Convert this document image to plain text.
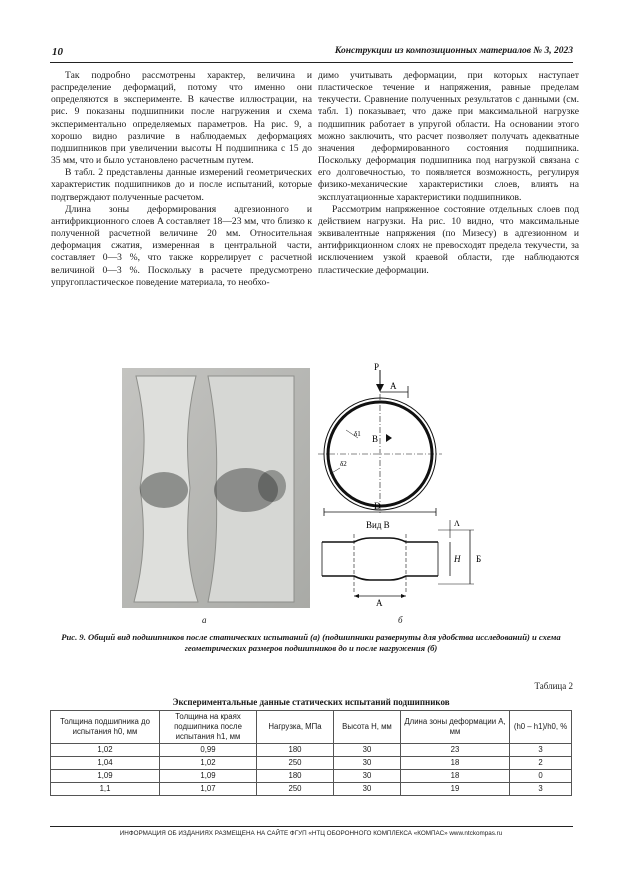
10	Конструкции из композиционных материалов № 3, 2023

Так подробно рассмотрены характер, величина и распределение деформаций, потому что именно они определяются в эксперименте. В качестве иллюстрации, на рис. 9 показаны подшипники после нагружения и схема экспериментально определяемых параметров. На рис. 9, а хорошо видно различие в наблюдаемых деформациях подшипников при увеличении высоты H подшипника с 15 до 35 мм, что и было установлено расчетным путем.

В табл. 2 представлены данные измерений геометрических характеристик подшипников до и после испытаний, которые подтверждают полученные расчетом.

Длина зоны деформирования адгезионного и антифрикционного слоев A составляет 18—23 мм, что близко к полученной расчетной величине 20 мм. Относительная деформация сжатия, измеренная в центральной части, составляет 0—3 %, что также коррелирует с расчетной величиной 0—3 %. Поскольку в расчете предусмотрено упругопластическое поведение материала, то необхо-

димо учитывать деформации, при которых наступает пластическое течение и напряжения, равные пределам текучести. Сравнение полученных результатов с данными (см. табл. 1) показывает, что даже при максимальной нагрузке подшипник работает в упругой области. На основании этого можно заключить, что расчет позволяет получать адекватные значения деформированного состояния подшипника. Поскольку деформация подшипника под нагрузкой связана с его долговечностью, то появляется возможность, регулируя физико-механические характеристики слоев, влиять на эксплуатационные характеристики подшипников.

Рассмотрим напряженное состояние отдельных слоев под действием нагрузки. На рис. 10 видно, что максимальные эквивалентные напряжения (по Мизесу) в адгезионном и антифрикционном слоях не превосходят предела текучести, за исключением узкой краевой области, где наблюдаются пластические деформации.

а
P
A
B
δ1
δ2
D
Вид B
H Б
Λ
A
б
Рис. 9. Общий вид подшипников после статических испытаний (а) (подшипники развернуты для удобства исследований) и схема геометрических размеров подшипников до и после нагружения (б)
Таблица 2
Экспериментальные данные статических испытаний подшипников
Толщина подшипника до испытания h0, мм	Толщина на краях подшипника после испытания h1, мм	Нагрузка, МПа	Высота H, мм	Длина зоны деформации A, мм	(h0 – h1)/h0, %
1,02	0,99	180	30	23	3
1,04	1,02	250	30	18	2
1,09	1,09	180	30	18	0
1,1	1,07	250	30	19	3
ИНФОРМАЦИЯ ОБ ИЗДАНИЯХ РАЗМЕЩЕНА НА САЙТЕ ФГУП «НТЦ ОБОРОННОГО КОМПЛЕКСА «КОМПАС» www.ntckompas.ru
